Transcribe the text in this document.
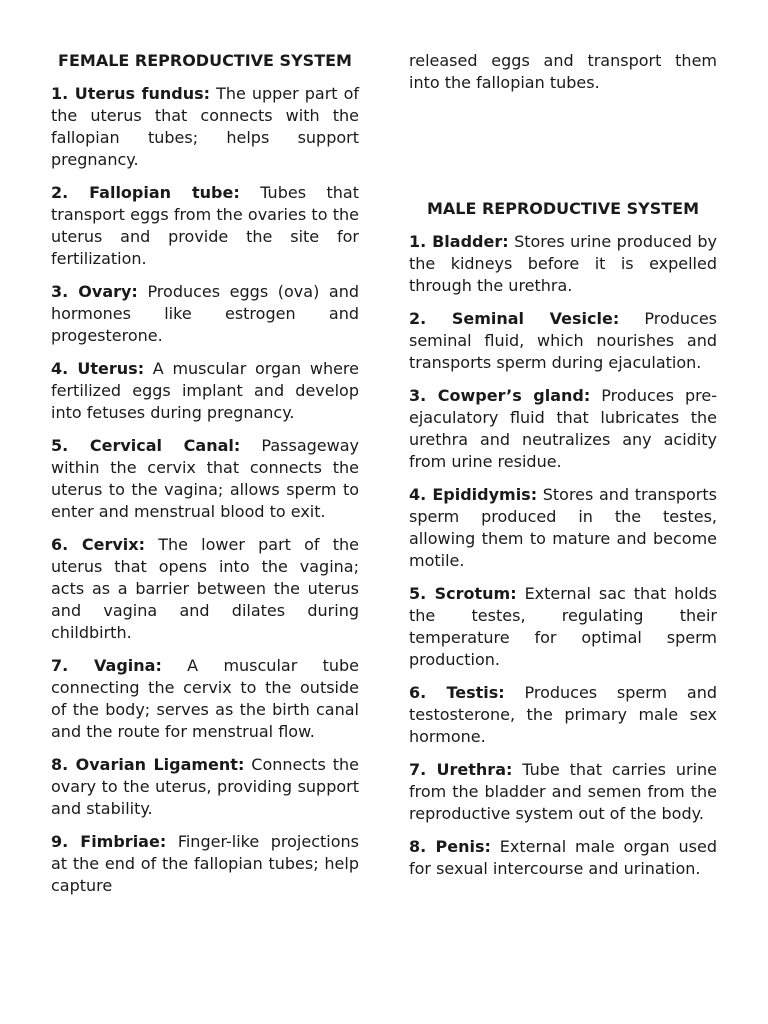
FEMALE REPRODUCTIVE SYSTEM

1. Uterus fundus: The upper part of the uterus that connects with the fallopian tubes; helps support pregnancy.

2. Fallopian tube: Tubes that transport eggs from the ovaries to the uterus and provide the site for fertilization.

3. Ovary: Produces eggs (ova) and hormones like estrogen and progesterone.

4. Uterus: A muscular organ where fertilized eggs implant and develop into fetuses during pregnancy.

5. Cervical Canal: Passageway within the cervix that connects the uterus to the vagina; allows sperm to enter and menstrual blood to exit.

6. Cervix: The lower part of the uterus that opens into the vagina; acts as a barrier between the uterus and vagina and dilates during childbirth.

7. Vagina: A muscular tube connecting the cervix to the outside of the body; serves as the birth canal and the route for menstrual flow.

8. Ovarian Ligament: Connects the ovary to the uterus, providing support and stability.

9. Fimbriae: Finger-like projections at the end of the fallopian tubes; help capture

released eggs and transport them into the fallopian tubes.

MALE REPRODUCTIVE SYSTEM

1. Bladder: Stores urine produced by the kidneys before it is expelled through the urethra.

2. Seminal Vesicle: Produces seminal fluid, which nourishes and transports sperm during ejaculation.

3. Cowper’s gland: Produces pre-ejaculatory fluid that lubricates the urethra and neutralizes any acidity from urine residue.

4. Epididymis: Stores and transports sperm produced in the testes, allowing them to mature and become motile.

5. Scrotum: External sac that holds the testes, regulating their temperature for optimal sperm production.

6. Testis: Produces sperm and testosterone, the primary male sex hormone.

7. Urethra: Tube that carries urine from the bladder and semen from the reproductive system out of the body.

8. Penis: External male organ used for sexual intercourse and urination.
